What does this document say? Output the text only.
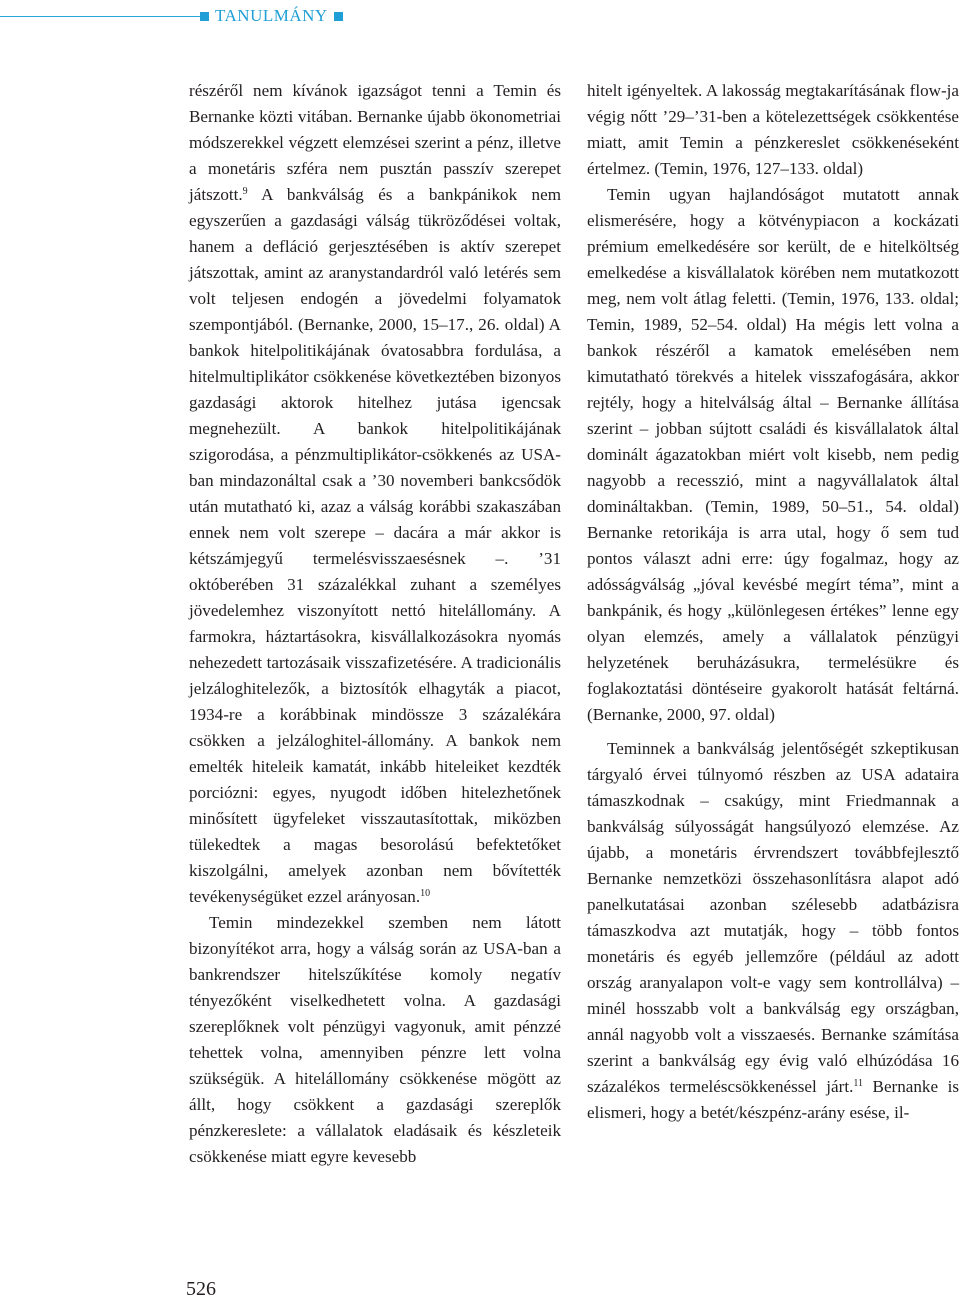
TANULMÁNY

részéről nem kívánok igazságot tenni a Temin és Bernanke közti vitában. Bernanke újabb ökonometriai módszerekkel végzett elemzései szerint a pénz, illetve a monetáris szféra nem pusztán passzív szerepet játszott.$^9$ A bankválság és a bankpánikok nem egyszerűen a gazdasági válság tükröződései voltak, hanem a defláció gerjesztésében is aktív szerepet játszottak, amint az aranystandardról való letérés sem volt teljesen endogén a jövedelmi folyamatok szempontjából. (Bernanke, 2000, 15–17., 26. oldal) A bankok hitelpolitikájának óvatosabbra fordulása, a hitelmultiplikátor csökkenése következtében bizonyos gazdasági aktorok hitelhez jutása igencsak megnehezült. A bankok hitelpolitikájának szigorodása, a pénzmultiplikátor-csökkenés az USA-ban mindazonáltal csak a ’30 novemberi bankcsődök után mutatható ki, azaz a válság korábbi szakaszában ennek nem volt szerepe – dacára a már akkor is kétszámjegyű termelésvisszaesésnek –. ’31 októberében 31 százalékkal zuhant a személyes jövedelemhez viszonyított nettó hitelállomány. A farmokra, háztartásokra, kisvállalkozásokra nyomás nehezedett tartozásaik visszafizetésére. A tradicionális jelzáloghitelezők, a biztosítók elhagyták a piacot, 1934-re a korábbinak mindössze 3 százalékára csökken a jelzáloghitel-állomány. A bankok nem emelték hiteleik kamatát, inkább hiteleiket kezdték porciózni: egyes, nyugodt időben hitelezhetőnek minősített ügyfeleket visszautasítottak, miközben tülekedtek a magas besorolású befektetőket kiszolgálni, amelyek azonban nem bővítették tevékenységüket ezzel arányosan.$^{10}$

Temin mindezekkel szemben nem látott bizonyítékot arra, hogy a válság során az USA-ban a bankrendszer hitelszűkítése komoly negatív tényezőként viselkedhetett volna. A gazdasági szereplőknek volt pénzügyi vagyonuk, amit pénzzé tehettek volna, amennyiben pénzre lett volna szükségük. A hitelállomány csökkenése mögött az állt, hogy csökkent a gazdasági szereplők pénzkereslete: a vállalatok eladásaik és készleteik csökkenése miatt egyre kevesebb

hitelt igényeltek. A lakosság megtakarításának flow-ja végig nőtt ’29–’31-ben a kötelezettségek csökkentése miatt, amit Temin a pénzkereslet csökkenéseként értelmez. (Temin, 1976, 127–133. oldal)

Temin ugyan hajlandóságot mutatott annak elismerésére, hogy a kötvénypiacon a kockázati prémium emelkedésére sor került, de e hitelköltség emelkedése a kisvállalatok körében nem mutatkozott meg, nem volt átlag feletti. (Temin, 1976, 133. oldal; Temin, 1989, 52–54. oldal) Ha mégis lett volna a bankok részéről a kamatok emelésében nem kimutatható törekvés a hitelek visszafogására, akkor rejtély, hogy a hitelválság által – Bernanke állítása szerint – jobban sújtott családi és kisvállalatok által dominált ágazatokban miért volt kisebb, nem pedig nagyobb a recesszió, mint a nagyvállalatok által domináltakban. (Temin, 1989, 50–51., 54. oldal) Bernanke retorikája is arra utal, hogy ő sem tud pontos választ adni erre: úgy fogalmaz, hogy az adósságválság „jóval kevésbé megírt téma”, mint a bankpánik, és hogy „különlegesen értékes” lenne egy olyan elemzés, amely a vállalatok pénzügyi helyzetének beruházásukra, termelésükre és foglakoztatási döntéseire gyakorolt hatását feltárná. (Bernanke, 2000, 97. oldal)

Teminnek a bankválság jelentőségét szkeptikusan tárgyaló érvei túlnyomó részben az USA adataira támaszkodnak – csakúgy, mint Friedmannak a bankválság súlyosságát hangsúlyozó elemzése. Az újabb, a monetáris érvrendszert továbbfejlesztő Bernanke nemzetközi összehasonlításra alapot adó panelkutatásai azonban szélesebb adatbázisra támaszkodva azt mutatják, hogy – több fontos monetáris és egyéb jellemzőre (például az adott ország aranyalapon volt-e vagy sem kontrollálva) – minél hosszabb volt a bankválság egy országban, annál nagyobb volt a visszaesés. Bernanke számítása szerint a bankválság egy évig való elhúzódása 16 százalékos termeléscsökkenéssel járt.$^{11}$ Bernanke is elismeri, hogy a betét/készpénz-arány esése, il-

526
